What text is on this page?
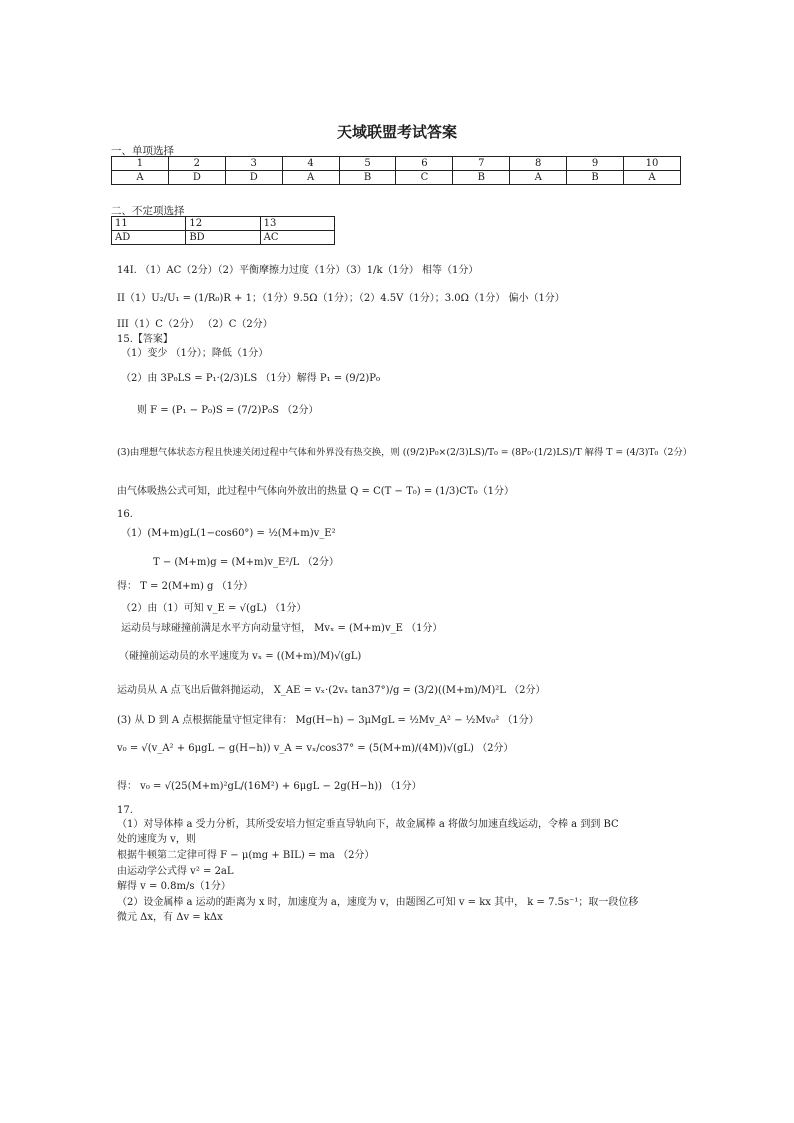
天域联盟考试答案
一、单项选择
1	2	3	4	5	6	7	8	9	10
A	D	D	A	B	C	B	A	B	A
二、不定项选择
11	12	13
AD	BD	AC
14I. （1）AC（2分）（2）平衡摩擦力过度（1分）（3）1/k（1分） 相等（1分）
II（1）U₂/U₁ = (1/R₀)R + 1；（1分）9.5Ω（1分）；（2）4.5V（1分）；3.0Ω（1分） 偏小（1分）
III（1）C（2分） （2）C（2分）
15.【答案】
（1）变少 （1分）；降低（1分）
（2）由 3P₀LS = P₁·(2/3)LS （1分）解得 P₁ = (9/2)P₀
则 F = (P₁ − P₀)S = (7/2)P₀S （2分）
(3)由理想气体状态方程且快速关闭过程中气体和外界没有热交换，则 ((9/2)P₀×(2/3)LS)/T₀ = (8P₀·(1/2)LS)/T 解得 T = (4/3)T₀（2分）
由气体吸热公式可知，此过程中气体向外放出的热量 Q = C(T − T₀) = (1/3)CT₀（1分）
16.
（1）(M+m)gL(1−cos60°) = ½(M+m)v_E²
T − (M+m)g = (M+m)v_E²/L （2分）
得： T = 2(M+m) g （1分）
（2）由（1）可知 v_E = √(gL) （1分）
运动员与球碰撞前满足水平方向动量守恒， Mvₓ = (M+m)v_E （1分）
（碰撞前运动员的水平速度为 vₓ = ((M+m)/M)√(gL)
运动员从 A 点飞出后做斜抛运动， X_AE = vₓ·(2vₓ tan37°)/g = (3/2)((M+m)/M)²L （2分）
(3) 从 D 到 A 点根据能量守恒定律有： Mg(H−h) − 3μMgL = ½Mv_A² − ½Mv₀² （1分）
v₀ = √(v_A² + 6μgL − g(H−h)) v_A = vₓ/cos37° = (5(M+m)/(4M))√(gL) （2分）
得： v₀ = √(25(M+m)²gL/(16M²) + 6μgL − 2g(H−h)) （1分）
17.
（1）对导体棒 a 受力分析，其所受安培力恒定垂直导轨向下，故金属棒 a 将做匀加速直线运动，令棒 a 到到 BC
处的速度为 v，则
根据牛顿第二定律可得 F − μ(mg + BIL) = ma （2分）
由运动学公式得 v² = 2aL
解得 v = 0.8m/s（1分）
（2）设金属棒 a 运动的距离为 x 时，加速度为 a，速度为 v，由题图乙可知 v = kx 其中， k = 7.5s⁻¹；取一段位移
微元 Δx，有 Δv = kΔx
